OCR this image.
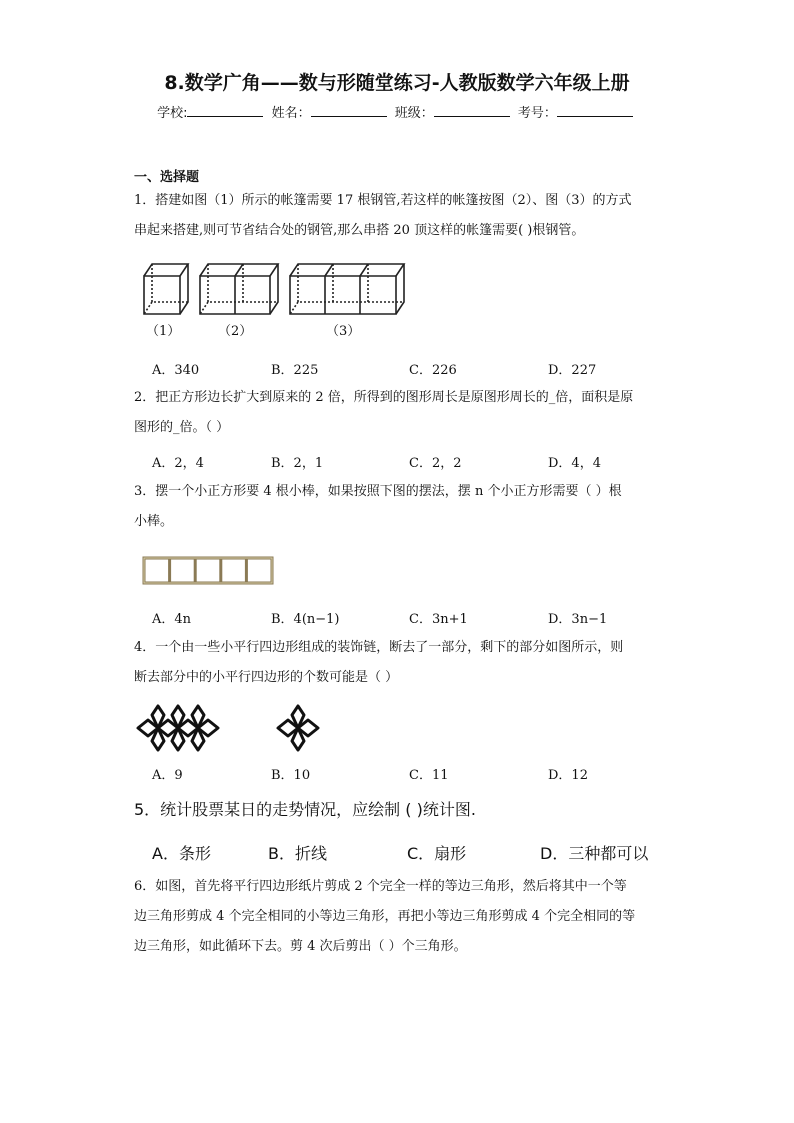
8.数学广角——数与形随堂练习-人教版数学六年级上册
学校:	姓名：	班级：	考号：
一、选择题
1．搭建如图（1）所示的帐篷需要 17 根钢管,若这样的帐篷按图（2）、图（3）的方式
串起来搭建,则可节省结合处的钢管,那么串搭 20 顶这样的帐篷需要( )根钢管。
（1）	（2）	（3）
A．340	B．225	C．226	D．227
2．把正方形边长扩大到原来的 2 倍，所得到的图形周长是原图形周长的_倍，面积是原
图形的_倍。（ ）
A．2，4	B．2，1	C．2，2	D．4，4
3．摆一个小正方形要 4 根小棒，如果按照下图的摆法，摆 n 个小正方形需要（ ）根
小棒。
A．4n	B．4(n−1)	C．3n+1	D．3n−1
4．一个由一些小平行四边形组成的装饰链，断去了一部分，剩下的部分如图所示，则
断去部分中的小平行四边形的个数可能是（ ）
A．9	B．10	C．11	D．12
5．统计股票某日的走势情况，应绘制 ( )统计图.
A．条形	B．折线	C．扇形	D．三种都可以
6．如图，首先将平行四边形纸片剪成 2 个完全一样的等边三角形，然后将其中一个等
边三角形剪成 4 个完全相同的小等边三角形，再把小等边三角形剪成 4 个完全相同的等
边三角形，如此循环下去。剪 4 次后剪出（ ）个三角形。
